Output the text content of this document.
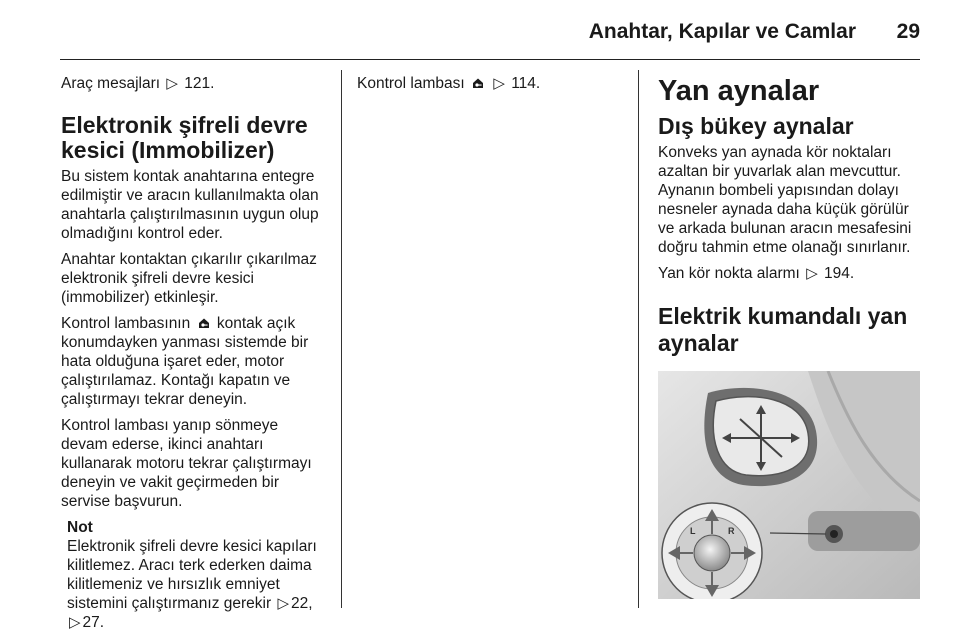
Anahtar, Kapılar ve Camlar 29

Araç mesajları ▷ 121.

Elektronik şifreli devre kesici (Immobilizer)

Bu sistem kontak anahtarına entegre edilmiştir ve aracın kullanılmakta olan anahtarla çalıştırılmasının uygun olup olmadığını kontrol eder.

Anahtar kontaktan çıkarılır çıkarılmaz elektronik şifreli devre kesici (immobilizer) etkinleşir.

Kontrol lambasının kontak açık konumdayken yanması sistemde bir hata olduğuna işaret eder, motor çalıştırılamaz. Kontağı kapatın ve çalıştırmayı tekrar deneyin.

Kontrol lambası yanıp sönmeye devam ederse, ikinci anahtarı kullanarak motoru tekrar çalıştırmayı deneyin ve vakit geçirmeden bir servise başvurun.

Not
Elektronik şifreli devre kesici kapıları kilitlemez. Aracı terk ederken daima kilitlemeniz ve hırsızlık emniyet sistemini çalıştırmanız gerekir ▷ 22,
▷ 27.

Kontrol lambası ▷ 114.	Yan aynalar
Dış bükey aynalar

Konveks yan aynada kör noktaları azaltan bir yuvarlak alan mevcuttur. Aynanın bombeli yapısından dolayı nesneler aynada daha küçük görülür ve arkada bulunan aracın mesafesini doğru tahmin etme olanağı sınırlanır.

Yan kör nokta alarmı ▷ 194.

Elektrik kumandalı yan aynalar
L	R
